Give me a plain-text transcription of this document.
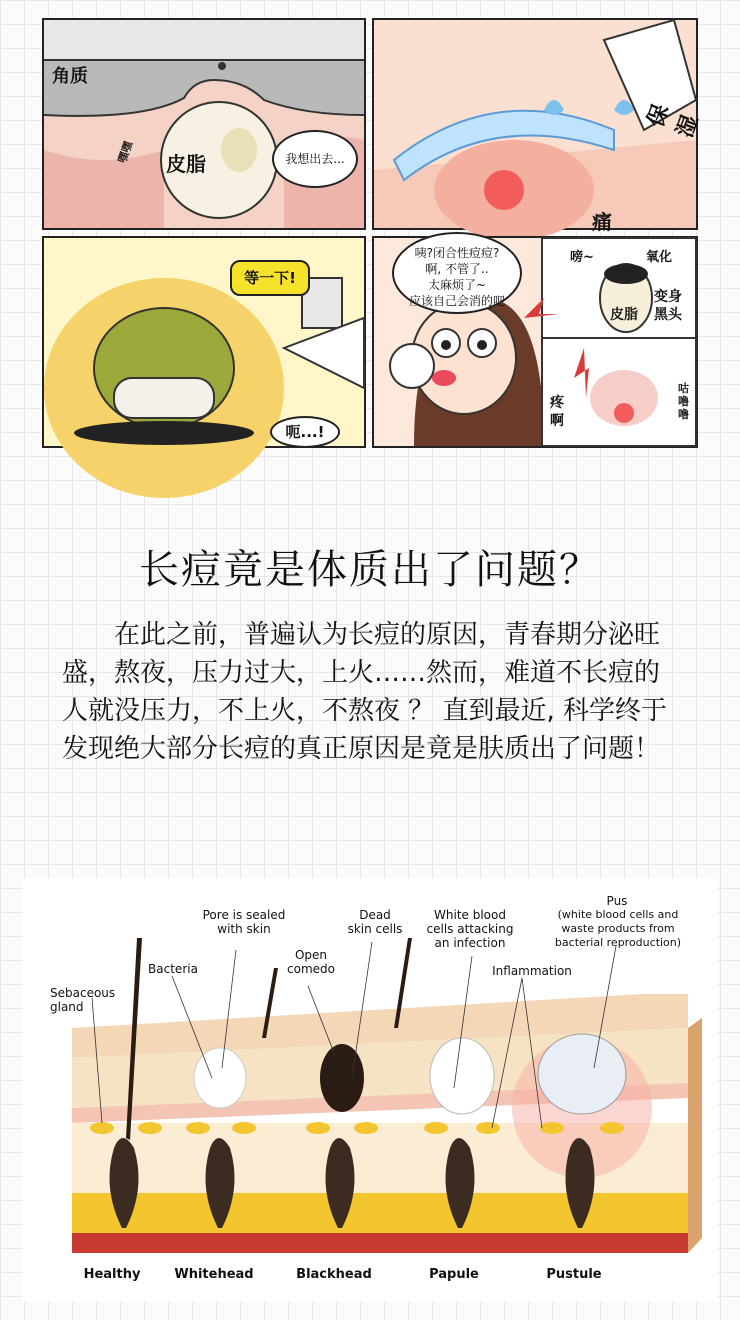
角质
皮脂
嘿嘿	我想出去...
保湿
痛
等一下!
呃...!
咦?闭合性痘痘?
啊, 不管了..
太麻烦了~
应该自己会消的吧
嗙~	氧化
皮脂
变身
黑头
疼
啊
咕
噜
噜
长痘竟是体质出了问题？
在此之前，普遍认为长痘的原因，青春期分泌旺盛，熬夜，压力过大，上火……然而，难道不长痘的人就没压力，不上火，不熬夜 ？ 直到最近, 科学终于发现绝大部分长痘的真正原因是竟是肤质出了问题！
Sebaceous
gland
Bacteria
Pore is sealed
with skin
Open
comedo
Dead
skin cells
White blood
cells attacking
an infection
Inflammation
Pus
(white blood cells and
waste products from
bacterial reproduction)
Healthy	Whitehead	Blackhead	Papule	Pustule
